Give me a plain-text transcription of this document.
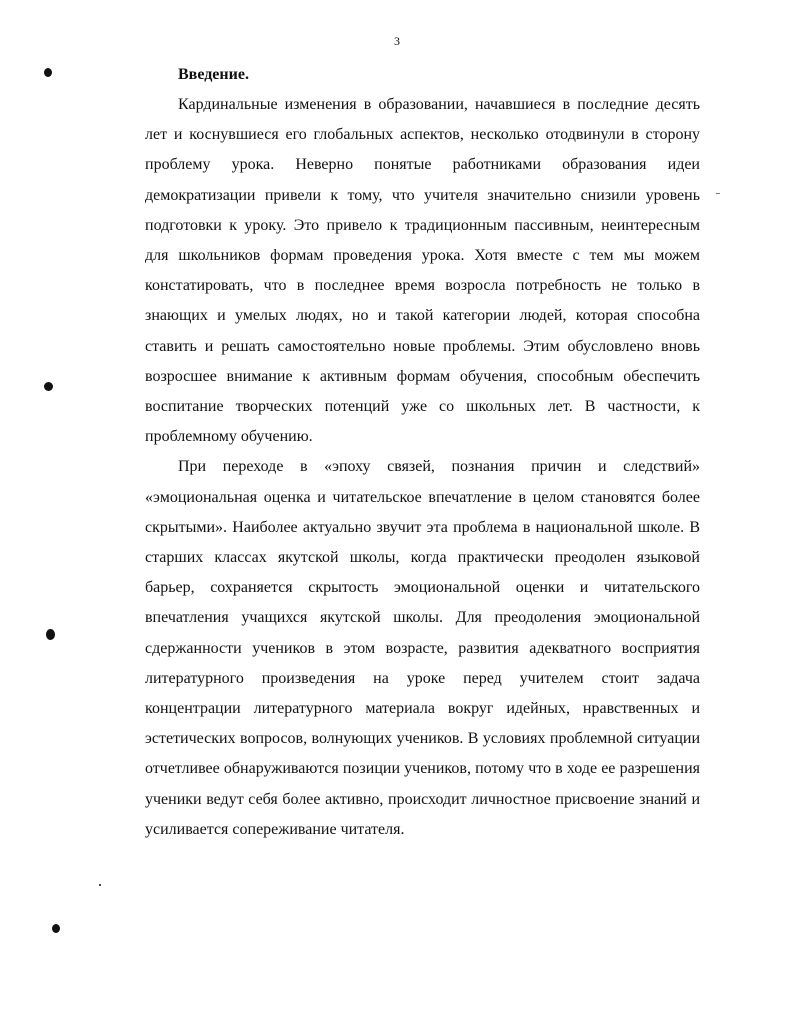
3

Введение.

Кардинальные изменения в образовании, начавшиеся в последние десять лет и коснувшиеся его глобальных аспектов, несколько отодвинули в сторону проблему урока. Неверно понятые работниками образования идеи демократизации привели к тому, что учителя значительно снизили уровень подготовки к уроку. Это привело к традиционным пассивным, неинтересным для школьников формам проведения урока. Хотя вместе с тем мы можем констатировать, что в последнее время возросла потребность не только в знающих и умелых людях, но и такой категории людей, которая способна ставить и решать самостоятельно новые проблемы. Этим обусловлено вновь возросшее внимание к активным формам обучения, способным обеспечить воспитание творческих потенций уже со школьных лет. В частности, к проблемному обучению.

При переходе в «эпоху связей, познания причин и следствий» «эмоциональная оценка и читательское впечатление в целом становятся более скрытыми». Наиболее актуально звучит эта проблема в национальной школе. В старших классах якутской школы, когда практически преодолен языковой барьер, сохраняется скрытость эмоциональной оценки и читательского впечатления учащихся якутской школы. Для преодоления эмоциональной сдержанности учеников в этом возрасте, развития адекватного восприятия литературного произведения на уроке перед учителем стоит задача концентрации литературного материала вокруг идейных, нравственных и эстетических вопросов, волнующих учеников. В условиях проблемной ситуации отчетливее обнаруживаются позиции учеников, потому что в ходе ее разрешения ученики ведут себя более активно, происходит личностное присвоение знаний и усиливается сопереживание читателя.
